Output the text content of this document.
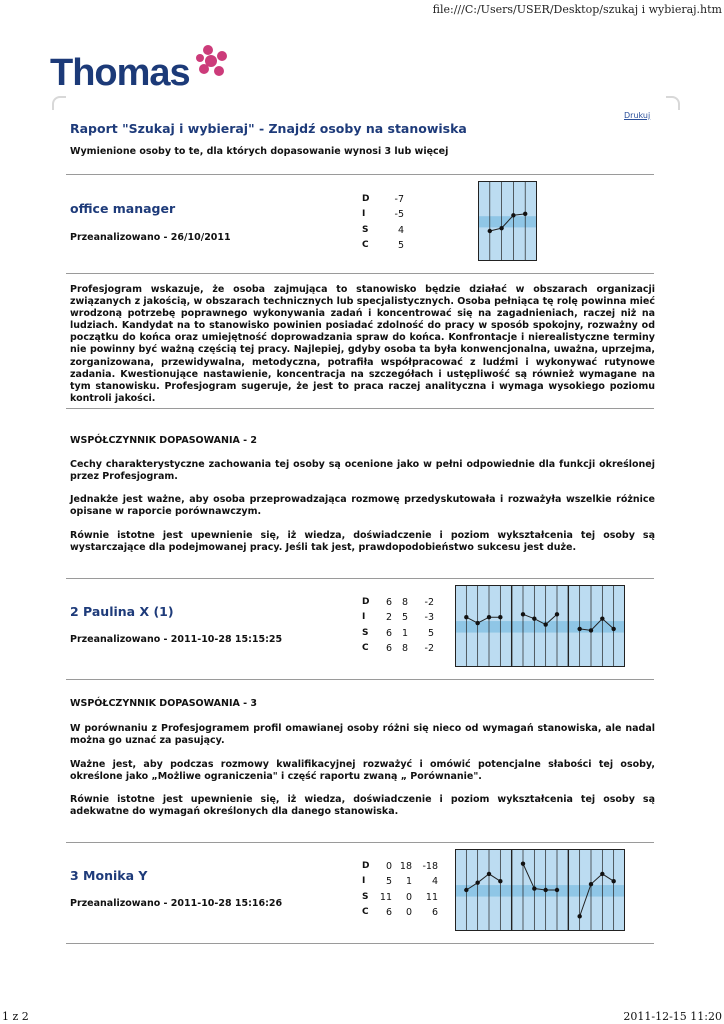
file:///C:/Users/USER/Desktop/szukaj i wybieraj.htm
1 z 2	2011-12-15 11:20
Thomas
Drukuj
Raport "Szukaj i wybieraj" - Znajdź osoby na stanowiska
Wymienione osoby to te, dla których dopasowanie wynosi 3 lub więcej
office manager
Przeanalizowano - 26/10/2011
D
I
S
C
-7
-5
4
5
Profesjogram wskazuje, że osoba zajmująca to stanowisko będzie działać w obszarach organizacji związanych z jakością, w obszarach technicznych lub specjalistycznych. Osoba pełniąca tę rolę powinna mieć wrodzoną potrzebę poprawnego wykonywania zadań i koncentrować się na zagadnieniach, raczej niż na ludziach. Kandydat na to stanowisko powinien posiadać zdolność do pracy w sposób spokojny, rozważny od początku do końca oraz umiejętność doprowadzania spraw do końca. Konfrontacje i nierealistyczne terminy nie powinny być ważną częścią tej pracy. Najlepiej, gdyby osoba ta była konwencjonalna, uważna, uprzejma, zorganizowana, przewidywalna, metodyczna, potrafiła współpracować z ludźmi i wykonywać rutynowe zadania. Kwestionujące nastawienie, koncentracja na szczegółach i ustępliwość są również wymagane na tym stanowisku. Profesjogram sugeruje, że jest to praca raczej analityczna i wymaga wysokiego poziomu kontroli jakości.
WSPÓŁCZYNNIK DOPASOWANIA - 2
Cechy charakterystyczne zachowania tej osoby są ocenione jako w pełni odpowiednie dla funkcji określonej przez Profesjogram.
Jednakże jest ważne, aby osoba przeprowadzająca rozmowę przedyskutowała i rozważyła wszelkie różnice opisane w raporcie porównawczym.
Równie istotne jest upewnienie się, iż wiedza, doświadczenie i poziom wykształcenia tej osoby są wystarczające dla podejmowanej pracy. Jeśli tak jest, prawdopodobieństwo sukcesu jest duże.
2 Paulina X (1)
Przeanalizowano - 2011-10-28 15:15:25
D
I
S
C
6
2
6
6
8
5
1
8
-2
-3
5
-2
WSPÓŁCZYNNIK DOPASOWANIA - 3
W porównaniu z Profesjogramem profil omawianej osoby różni się nieco od wymagań stanowiska, ale nadal można go uznać za pasujący.
Ważne jest, aby podczas rozmowy kwalifikacyjnej rozważyć i omówić potencjalne słabości tej osoby, określone jako „Możliwe ograniczenia" i część raportu zwaną „ Porównanie".
Równie istotne jest upewnienie się, iż wiedza, doświadczenie i poziom wykształcenia tej osoby są adekwatne do wymagań określonych dla danego stanowiska.
3 Monika Y
Przeanalizowano - 2011-10-28 15:16:26
D
I
S
C
0
5
11
6
18
1
0
0
-18
4
11
6
